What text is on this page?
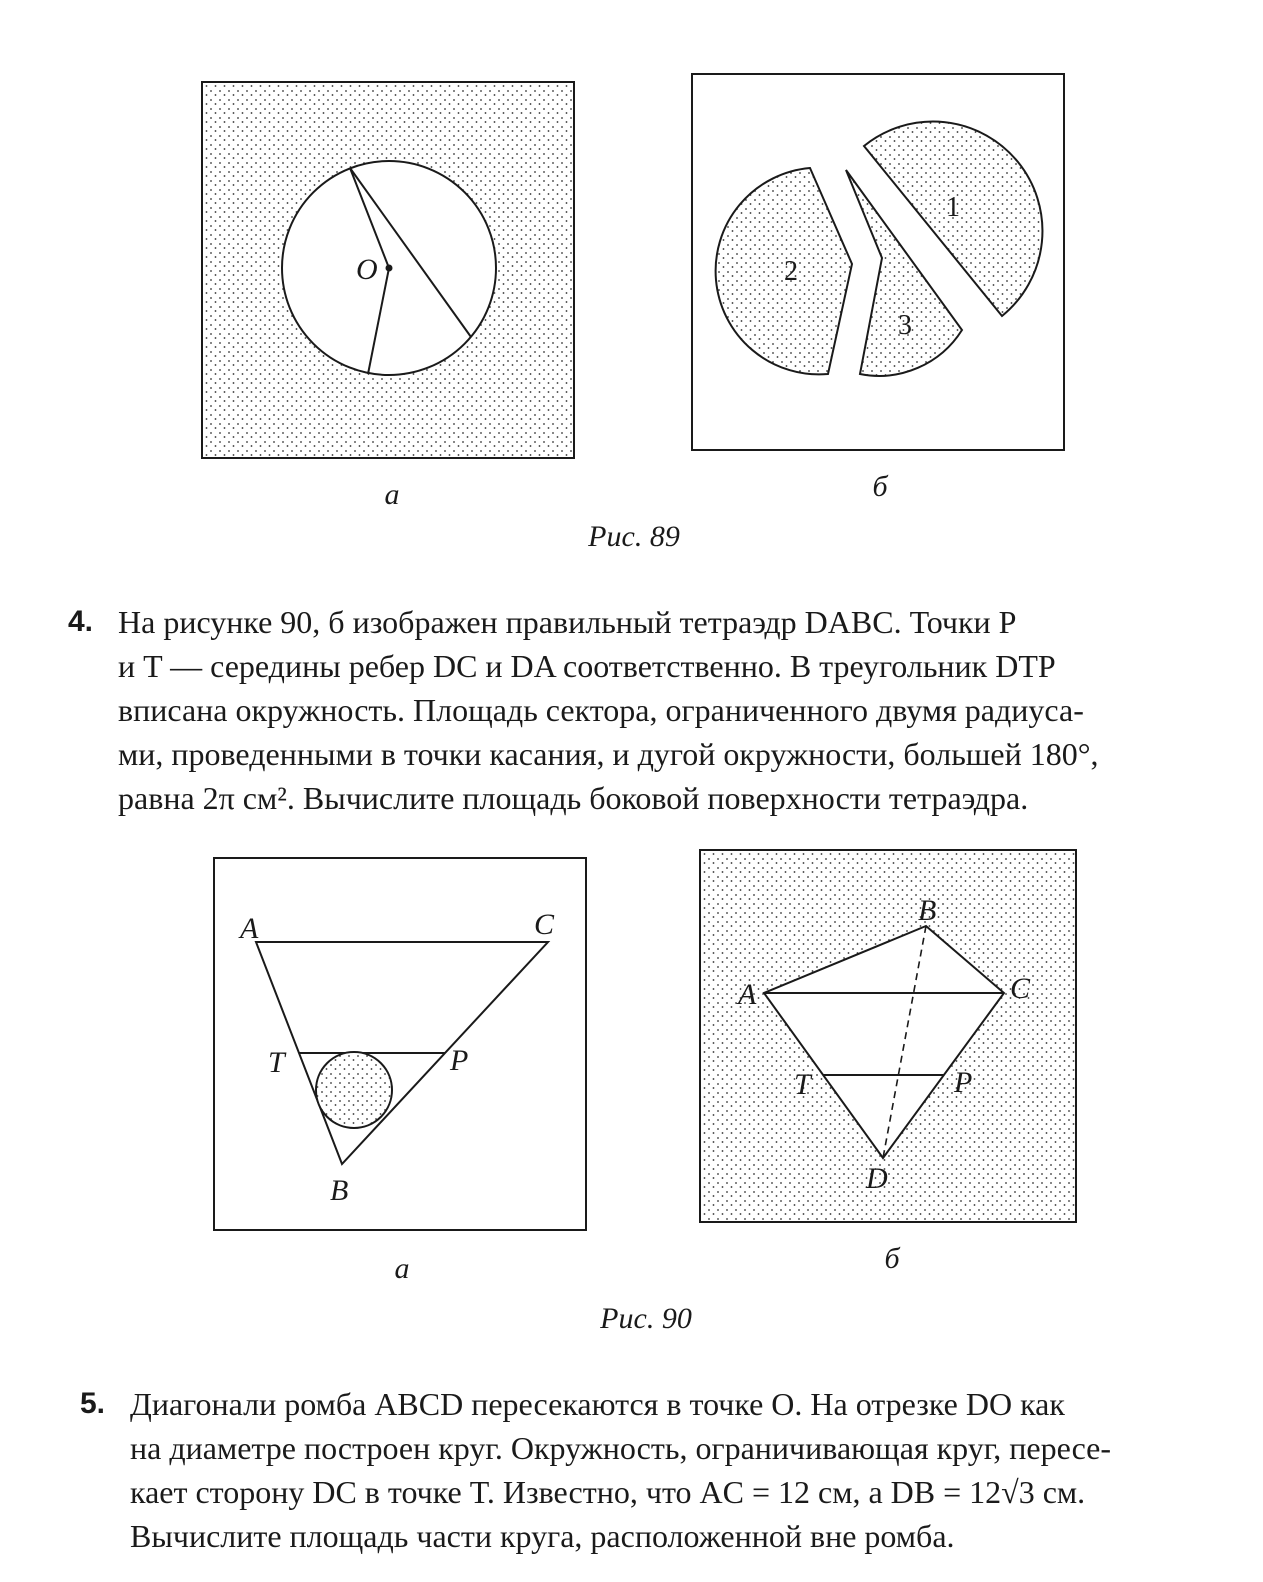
O
а
1
2
3
б
Рис. 89
4. На рисунке 90, б изображен правильный тетраэдр DABC. Точки P
и T — середины ребер DC и DA соответственно. В треугольник DTP
вписана окружность. Площадь сектора, ограниченного двумя радиуса-
ми, проведенными в точки касания, и дугой окружности, большей 180°,
равна 2π см². Вычислите площадь боковой поверхности тетраэдра.
A	C
T	P
B
а
B
A	C
T	P
D
б
Рис. 90
5. Диагонали ромба ABCD пересекаются в точке O. На отрезке DO как
на диаметре построен круг. Окружность, ограничивающая круг, пересе-
кает сторону DC в точке T. Известно, что AC = 12 см, а DB = 12√3 см.
Вычислите площадь части круга, расположенной вне ромба.
